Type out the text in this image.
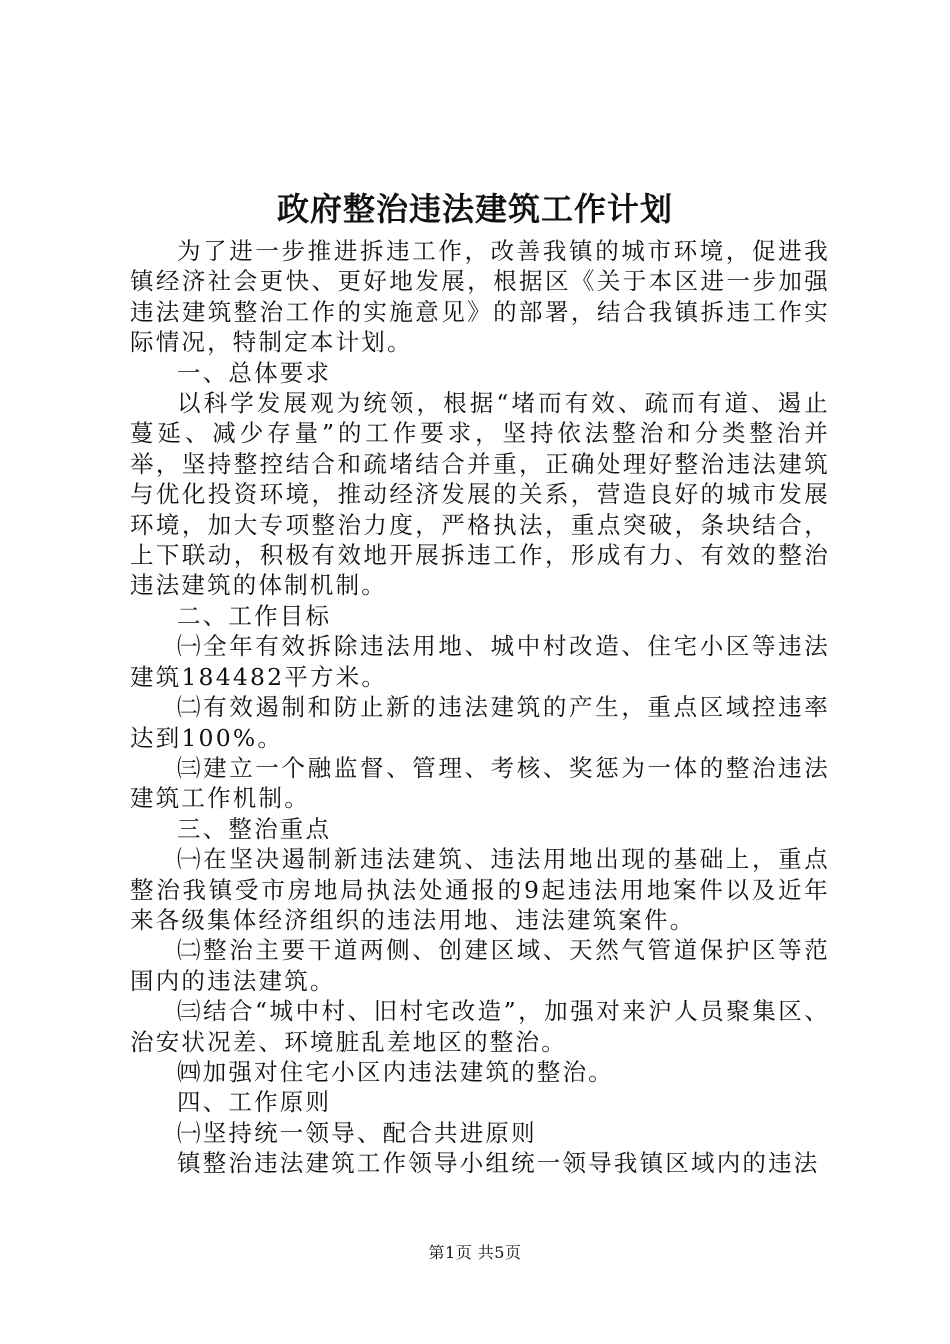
政府整治违法建筑工作计划

为了进一步推进拆违工作，改善我镇的城市环境，促进我镇经济社会更快、更好地发展，根据区《关于本区进一步加强违法建筑整治工作的实施意见》的部署，结合我镇拆违工作实际情况，特制定本计划。

一、总体要求

以科学发展观为统领，根据“堵而有效、疏而有道、遏止蔓延、减少存量”的工作要求，坚持依法整治和分类整治并举，坚持整控结合和疏堵结合并重，正确处理好整治违法建筑与优化投资环境，推动经济发展的关系，营造良好的城市发展环境，加大专项整治力度，严格执法，重点突破，条块结合，上下联动，积极有效地开展拆违工作，形成有力、有效的整治违法建筑的体制机制。

二、工作目标

㈠全年有效拆除违法用地、城中村改造、住宅小区等违法建筑184482平方米。

㈡有效遏制和防止新的违法建筑的产生，重点区域控违率达到100%。

㈢建立一个融监督、管理、考核、奖惩为一体的整治违法建筑工作机制。

三、整治重点

㈠在坚决遏制新违法建筑、违法用地出现的基础上，重点整治我镇受市房地局执法处通报的9起违法用地案件以及近年来各级集体经济组织的违法用地、违法建筑案件。

㈡整治主要干道两侧、创建区域、天然气管道保护区等范围内的违法建筑。

㈢结合“城中村、旧村宅改造”，加强对来沪人员聚集区、治安状况差、环境脏乱差地区的整治。

㈣加强对住宅小区内违法建筑的整治。

四、工作原则

㈠坚持统一领导、配合共进原则

镇整治违法建筑工作领导小组统一领导我镇区域内的违法

第1页 共5页
